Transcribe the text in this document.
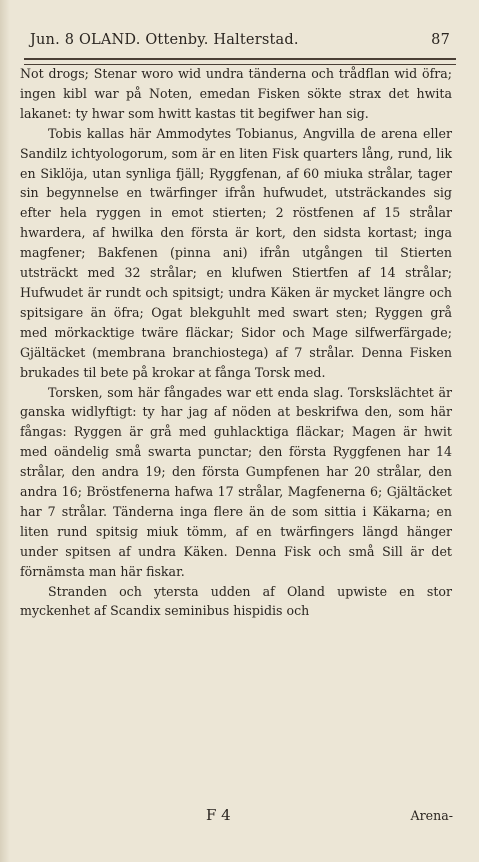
Jun. 8 OLAND. Ottenby. Halterstad.	87

Not drogs; Stenar woro wid undra tänderna och trådflan wid öfra; ingen kibl war på Noten, emedan Fisken sökte strax det hwita lakanet: ty hwar som hwitt kastas tit begifwer han sig.

Tobis kallas här Ammodytes Tobianus, Angvilla de arena eller Sandilz ichtyologorum, som är en liten Fisk quarters lång, rund, lik en Siklöja, utan synliga fjäll; Ryggfenan, af 60 miuka strålar, tager sin begynnelse en twärfinger ifrån hufwudet, utsträckandes sig efter hela ryggen in emot stierten; 2 röstfenen af 15 strålar hwardera, af hwilka den första är kort, den sidsta kortast; inga magfener; Bakfenen (pinna ani) ifrån utgången til Stierten utsträckt med 32 strålar; en klufwen Stiertfen af 14 strålar; Hufwudet är rundt och spitsigt; undra Käken är mycket längre och spitsigare än öfra; Ogat blekguhlt med swart sten; Ryggen grå med mörkacktige twäre fläckar; Sidor och Mage silfwerfärgade; Gjältäcket (membrana branchiostega) af 7 strålar. Denna Fisken brukades til bete på krokar at fånga Torsk med.

Torsken, som här fångades war ett enda slag. Torskslächtet är ganska widlyftigt: ty har jag af nöden at beskrifwa den, som här fångas: Ryggen är grå med guhlacktiga fläckar; Magen är hwit med oändelig små swarta punctar; den första Ryggfenen har 14 strålar, den andra 19; den första Gumpfenen har 20 strålar, den andra 16; Bröstfenerna hafwa 17 strålar, Magfenerna 6; Gjältäcket har 7 strålar. Tänderna inga flere än de som sittia i Käkarna; en liten rund spitsig miuk tömm, af en twärfingers längd hänger under spitsen af undra Käken. Denna Fisk och små Sill är det förnämsta man här fiskar.

Stranden och ytersta udden af Oland upwiste en stor myckenhet af Scandix seminibus hispidis och

F 4	Arena-
